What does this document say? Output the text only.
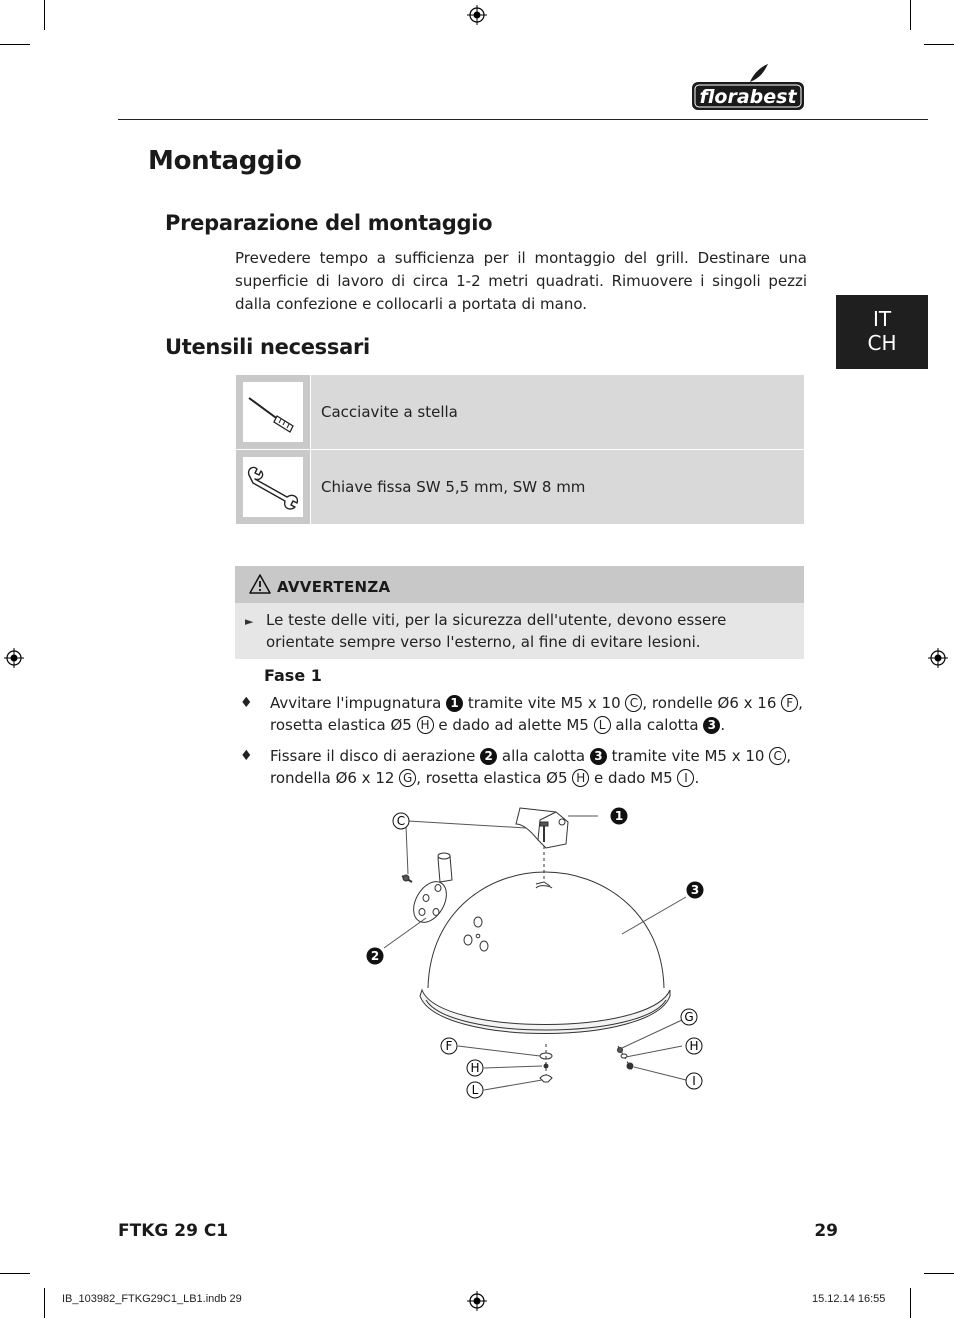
florabest
Montaggio
IT
CH
Preparazione del montaggio
Prevedere tempo a sufficienza per il montaggio del grill. Destinare una superficie di lavoro di circa 1-2 metri quadrati. Rimuovere i singoli pezzi dalla confezione e collocarli a portata di mano.
Utensili necessari
Cacciavite a stella
Chiave fissa SW 5,5 mm, SW 8 mm
AVVERTENZA
► Le teste delle viti, per la sicurezza dell'utente, devono essere orientate sempre verso l'esterno, al fine di evitare lesioni.
Fase 1
♦ Avvitare l'impugnatura 1 tramite vite M5 x 10 C , rondelle Ø6 x 16 F , rosetta elastica Ø5 H e dado ad alette M5 L alla calotta 3 .
♦ Fissare il disco di aerazione 2 alla calotta 3 tramite vite M5 x 10 C , rondella Ø6 x 12 G , rosetta elastica Ø5 H e dado M5 I .
C	1
3
2
G
F	H
H
I
L
FTKG 29 C1	29
IB_103982_FTKG29C1_LB1.indb 29	15.12.14 16:55
